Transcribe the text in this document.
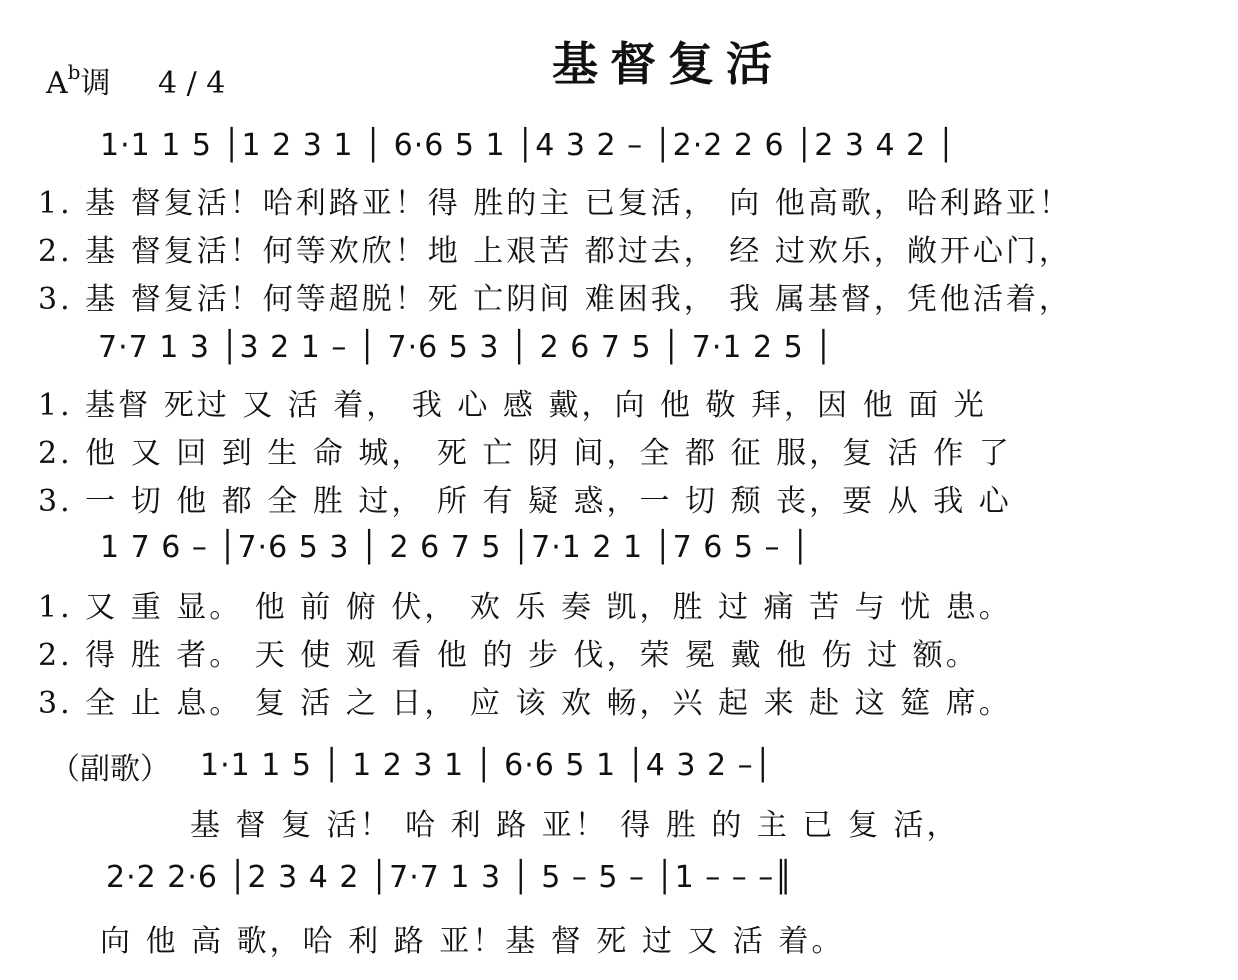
基督复活
$A^b$调 4 / 4
1·1 1 5 │1 2 3 1 │ 6·6 5 1 │4 3 2 – │2·2 2 6 │2 3 4 2 │
1. 基 督复活！哈利路亚！得 胜的主 已复活， 向 他高歌，哈利路亚！
2. 基 督复活！何等欢欣！地 上艰苦 都过去， 经 过欢乐，敞开心门，
3. 基 督复活！何等超脱！死 亡阴间 难困我， 我 属基督，凭他活着，
7·7 1 3 │3 2 1 – │ 7·6 5 3 │ 2 6 7 5 │ 7·1 2 5 │
1. 基督 死过 又 活 着， 我 心 感 戴，向 他 敬 拜，因 他 面 光
2. 他 又 回 到 生 命 城， 死 亡 阴 间，全 都 征 服，复 活 作 了
3. 一 切 他 都 全 胜 过， 所 有 疑 惑，一 切 颓 丧，要 从 我 心
1 7 6 – │7·6 5 3 │ 2 6 7 5 │7·1 2 1 │7 6 5 – │
1. 又 重 显。 他 前 俯 伏， 欢 乐 奏 凯，胜 过 痛 苦 与 忧 患。
2. 得 胜 者。 天 使 观 看 他 的 步 伐，荣 冕 戴 他 伤 过 额。
3. 全 止 息。 复 活 之 日， 应 该 欢 畅，兴 起 来 赴 这 筵 席。
（副歌） 1·1 1 5 │ 1 2 3 1 │ 6·6 5 1 │4 3 2 –│
基 督 复 活！ 哈 利 路 亚！ 得 胜 的 主 已 复 活，
2·2 2·6 │2 3 4 2 │7·7 1 3 │ 5 – 5 – │1 – – –║
向 他 高 歌，哈 利 路 亚！基 督 死 过 又 活 着。
